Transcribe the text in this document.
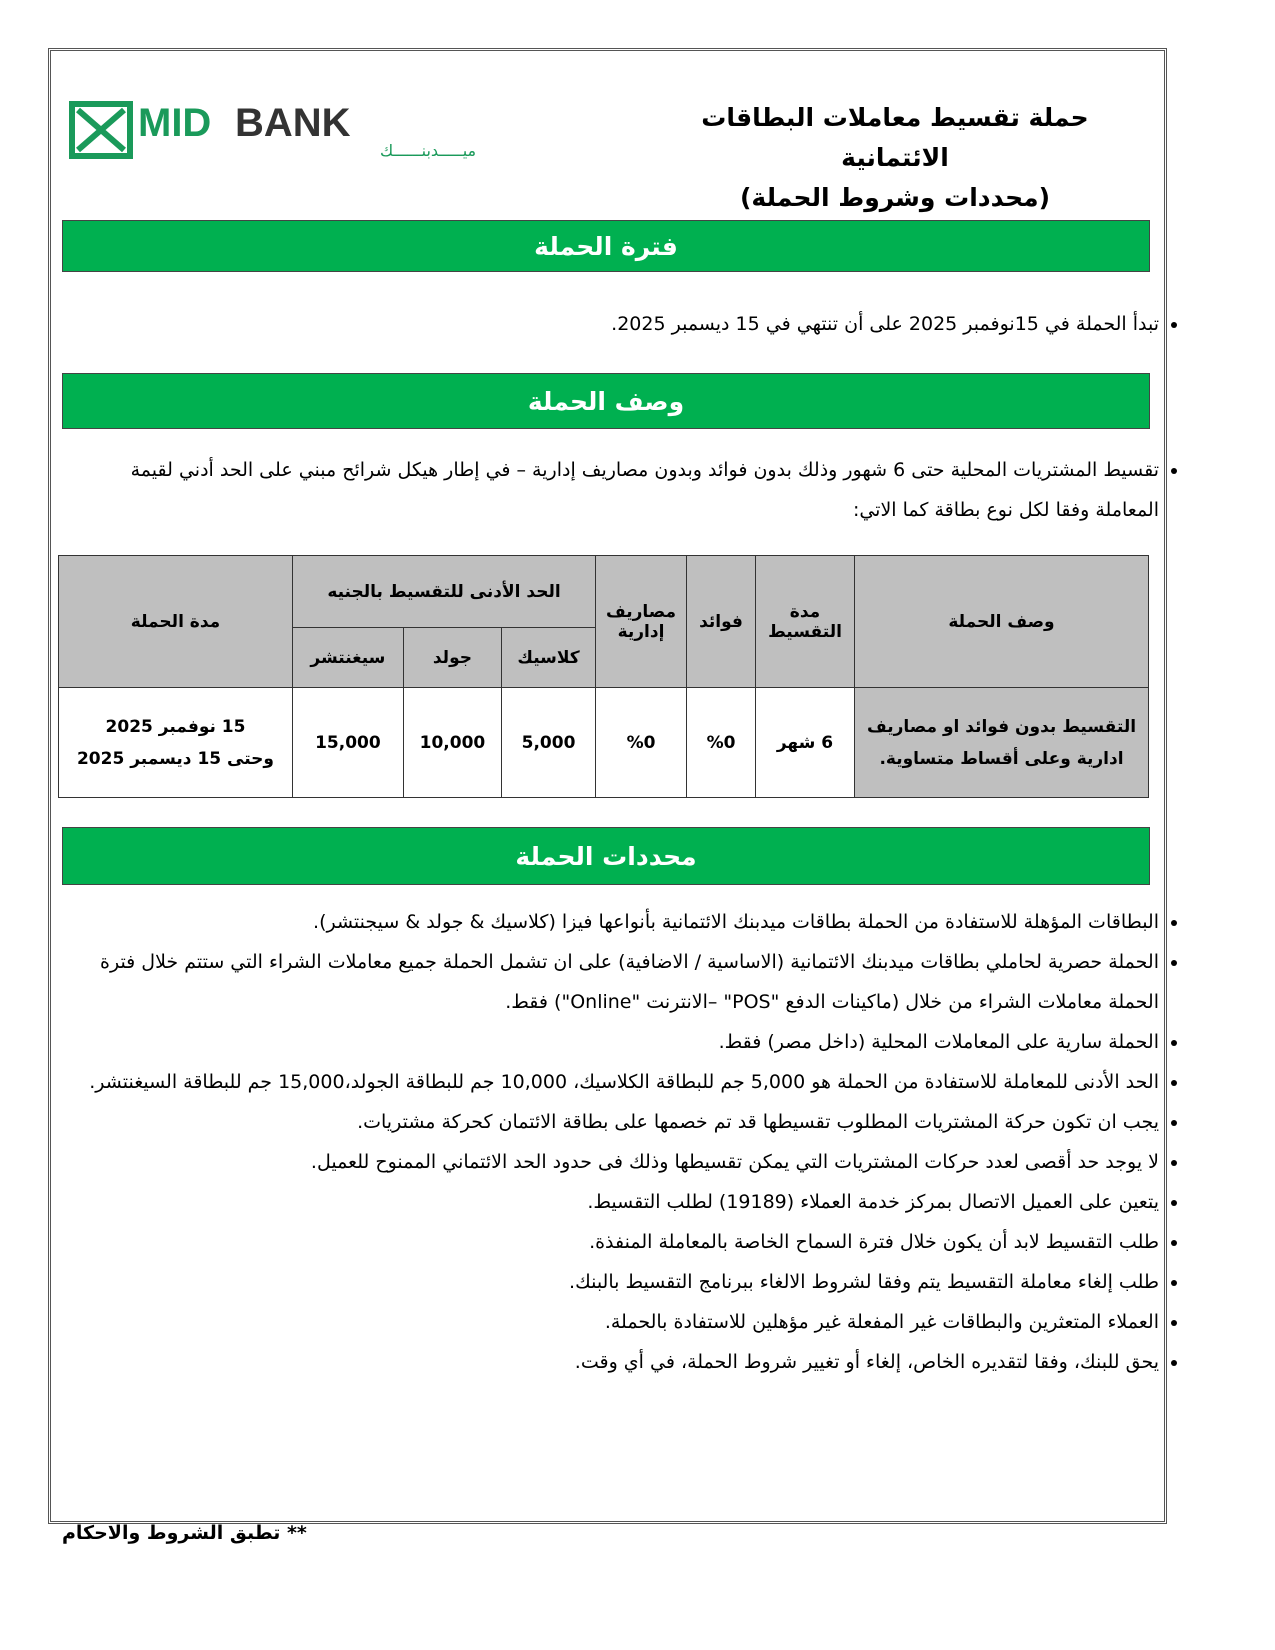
MID BANK
ميـــــدبنــــــك
حملة تقسيط معاملات البطاقات الائتمانية
(محددات وشروط الحملة)
فترة الحملة
• تبدأ الحملة في 15نوفمبر 2025 على أن تنتهي في 15 ديسمبر 2025.
وصف الحملة
• تقسيط المشتريات المحلية حتى 6 شهور وذلك بدون فوائد وبدون مصاريف إدارية – في إطار هيكل شرائح مبني على الحد أدني لقيمة المعاملة وفقا لكل نوع بطاقة كما الاتي:
وصف الحملة	مدة التقسيط	فوائد	مصاريف إدارية	الحد الأدنى للتقسيط بالجنيه			مدة الحملة
				كلاسيك	جولد	سيغنتشر	
التقسيط بدون فوائد او مصاريف ادارية وعلى أقساط متساوية.	6 شهر	%0	%0	5,000	10,000	15,000	15 نوفمبر 2025
وحتى 15 ديسمبر 2025
محددات الحملة
• البطاقات المؤهلة للاستفادة من الحملة بطاقات ميدبنك الائتمانية بأنواعها فيزا (كلاسيك & جولد & سيجنتشر).
• الحملة حصرية لحاملي بطاقات ميدبنك الائتمانية (الاساسية / الاضافية) على ان تشمل الحملة جميع معاملات الشراء التي ستتم خلال فترة الحملة معاملات الشراء من خلال (ماكينات الدفع "POS" –الانترنت "Online") فقط.
• الحملة سارية على المعاملات المحلية (داخل مصر) فقط.
• الحد الأدنى للمعاملة للاستفادة من الحملة هو 5,000 جم للبطاقة الكلاسيك، 10,000 جم للبطاقة الجولد،15,000 جم للبطاقة السيغنتشر.
• يجب ان تكون حركة المشتريات المطلوب تقسيطها قد تم خصمها على بطاقة الائتمان كحركة مشتريات.
• لا يوجد حد أقصى لعدد حركات المشتريات التي يمكن تقسيطها وذلك فى حدود الحد الائتماني الممنوح للعميل.
• يتعين على العميل الاتصال بمركز خدمة العملاء (19189) لطلب التقسيط.
• طلب التقسيط لابد أن يكون خلال فترة السماح الخاصة بالمعاملة المنفذة.
• طلب إلغاء معاملة التقسيط يتم وفقا لشروط الالغاء ببرنامج التقسيط بالبنك.
• العملاء المتعثرين والبطاقات غير المفعلة غير مؤهلين للاستفادة بالحملة.
• يحق للبنك، وفقا لتقديره الخاص، إلغاء أو تغيير شروط الحملة، في أي وقت.
** تطبق الشروط والاحكام
